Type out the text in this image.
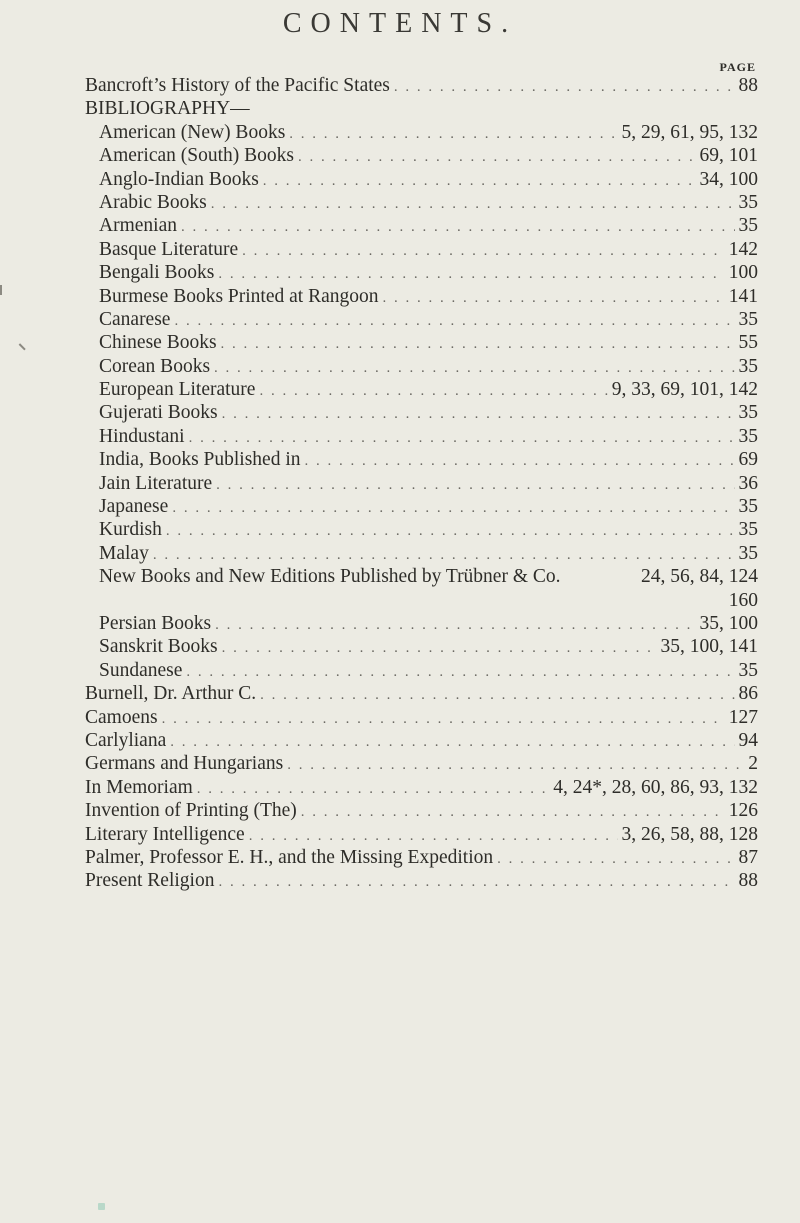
CONTENTS.
PAGE
Bancroft’s History of the Pacific States . . .	88
BIBLIOGRAPHY—
American (New) Books . . .	5, 29, 61, 95, 132
American (South) Books . . .	69, 101
Anglo-Indian Books . . .	34, 100
Arabic Books . . .	35
Armenian . . .	35
Basque Literature . . .	142
Bengali Books . . .	100
Burmese Books Printed at Rangoon . . .	141
Canarese . . .	35
Chinese Books . . .	55
Corean Books . . .	35
European Literature . . .	9, 33, 69, 101, 142
Gujerati Books . . .	35
Hindustani . . .	35
India, Books Published in . . .	69
Jain Literature . . .	36
Japanese . . .	35
Kurdish . . .	35
Malay . . .	35
New Books and New Editions Published by Trübner & Co.	24, 56, 84, 124
160
Persian Books . . .	35, 100
Sanskrit Books . . .	35, 100, 141
Sundanese . . .	35
Burnell, Dr. Arthur C. . . .	86
Camoens . . .	127
Carlyliana . . .	94
Germans and Hungarians . . .	2
In Memoriam . . .	4, 24*, 28, 60, 86, 93, 132
Invention of Printing (The) . . .	126
Literary Intelligence . . .	3, 26, 58, 88, 128
Palmer, Professor E. H., and the Missing Expedition . . .	87
Present Religion . . .	88
